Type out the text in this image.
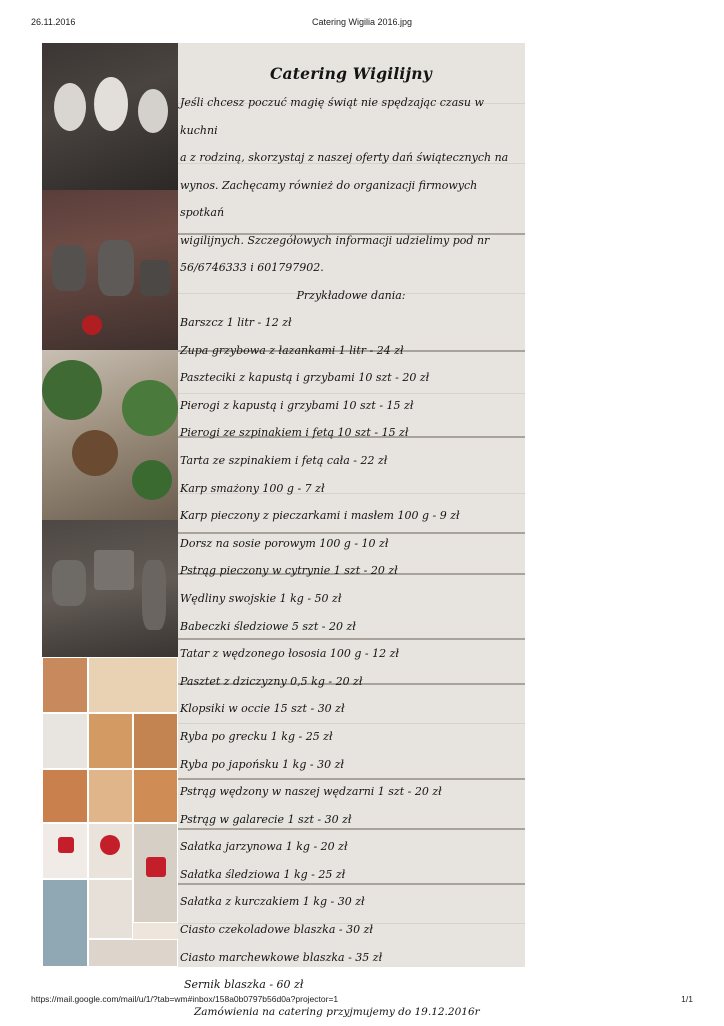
26.11.2016	Catering Wigilia 2016.jpg
Catering Wigilijny
Jeśli chcesz poczuć magię świąt nie spędzając czasu w kuchni
a z rodziną, skorzystaj z naszej oferty dań świątecznych na
wynos. Zachęcamy również do organizacji firmowych spotkań
wigilijnych. Szczegółowych informacji udzielimy pod nr
56/6746333 i 601797902.
Przykładowe dania:
Barszcz 1 litr - 12 zł
Zupa grzybowa z łazankami 1 litr - 24 zł
Paszteciki z kapustą i grzybami 10 szt - 20 zł
Pierogi z kapustą i grzybami 10 szt - 15 zł
Pierogi ze szpinakiem i fetą 10 szt - 15 zł
Tarta ze szpinakiem i fetą cała - 22 zł
Karp smażony 100 g - 7 zł
Karp pieczony z pieczarkami i masłem 100 g - 9 zł
Dorsz na sosie porowym 100 g - 10 zł
Pstrąg pieczony w cytrynie 1 szt - 20 zł
Wędliny swojskie 1 kg - 50 zł
Babeczki śledziowe 5 szt - 20 zł
Tatar z wędzonego łososia 100 g - 12 zł
Pasztet z dziczyzny 0,5 kg - 20 zł
Klopsiki w occie 15 szt - 30 zł
Ryba po grecku 1 kg - 25 zł
Ryba po japońsku 1 kg - 30 zł
Pstrąg wędzony w naszej wędzarni 1 szt - 20 zł
Pstrąg w galarecie 1 szt - 30 zł
Sałatka jarzynowa 1 kg - 20 zł
Sałatka śledziowa 1 kg - 25 zł
Sałatka z kurczakiem 1 kg - 30 zł
Ciasto czekoladowe blaszka - 30 zł
Ciasto marchewkowe blaszka - 35 zł
Sernik blaszka - 60 zł
Zamówienia na catering przyjmujemy do 19.12.2016r
https://mail.google.com/mail/u/1/?tab=wm#inbox/158a0b0797b56d0a?projector=1	1/1
